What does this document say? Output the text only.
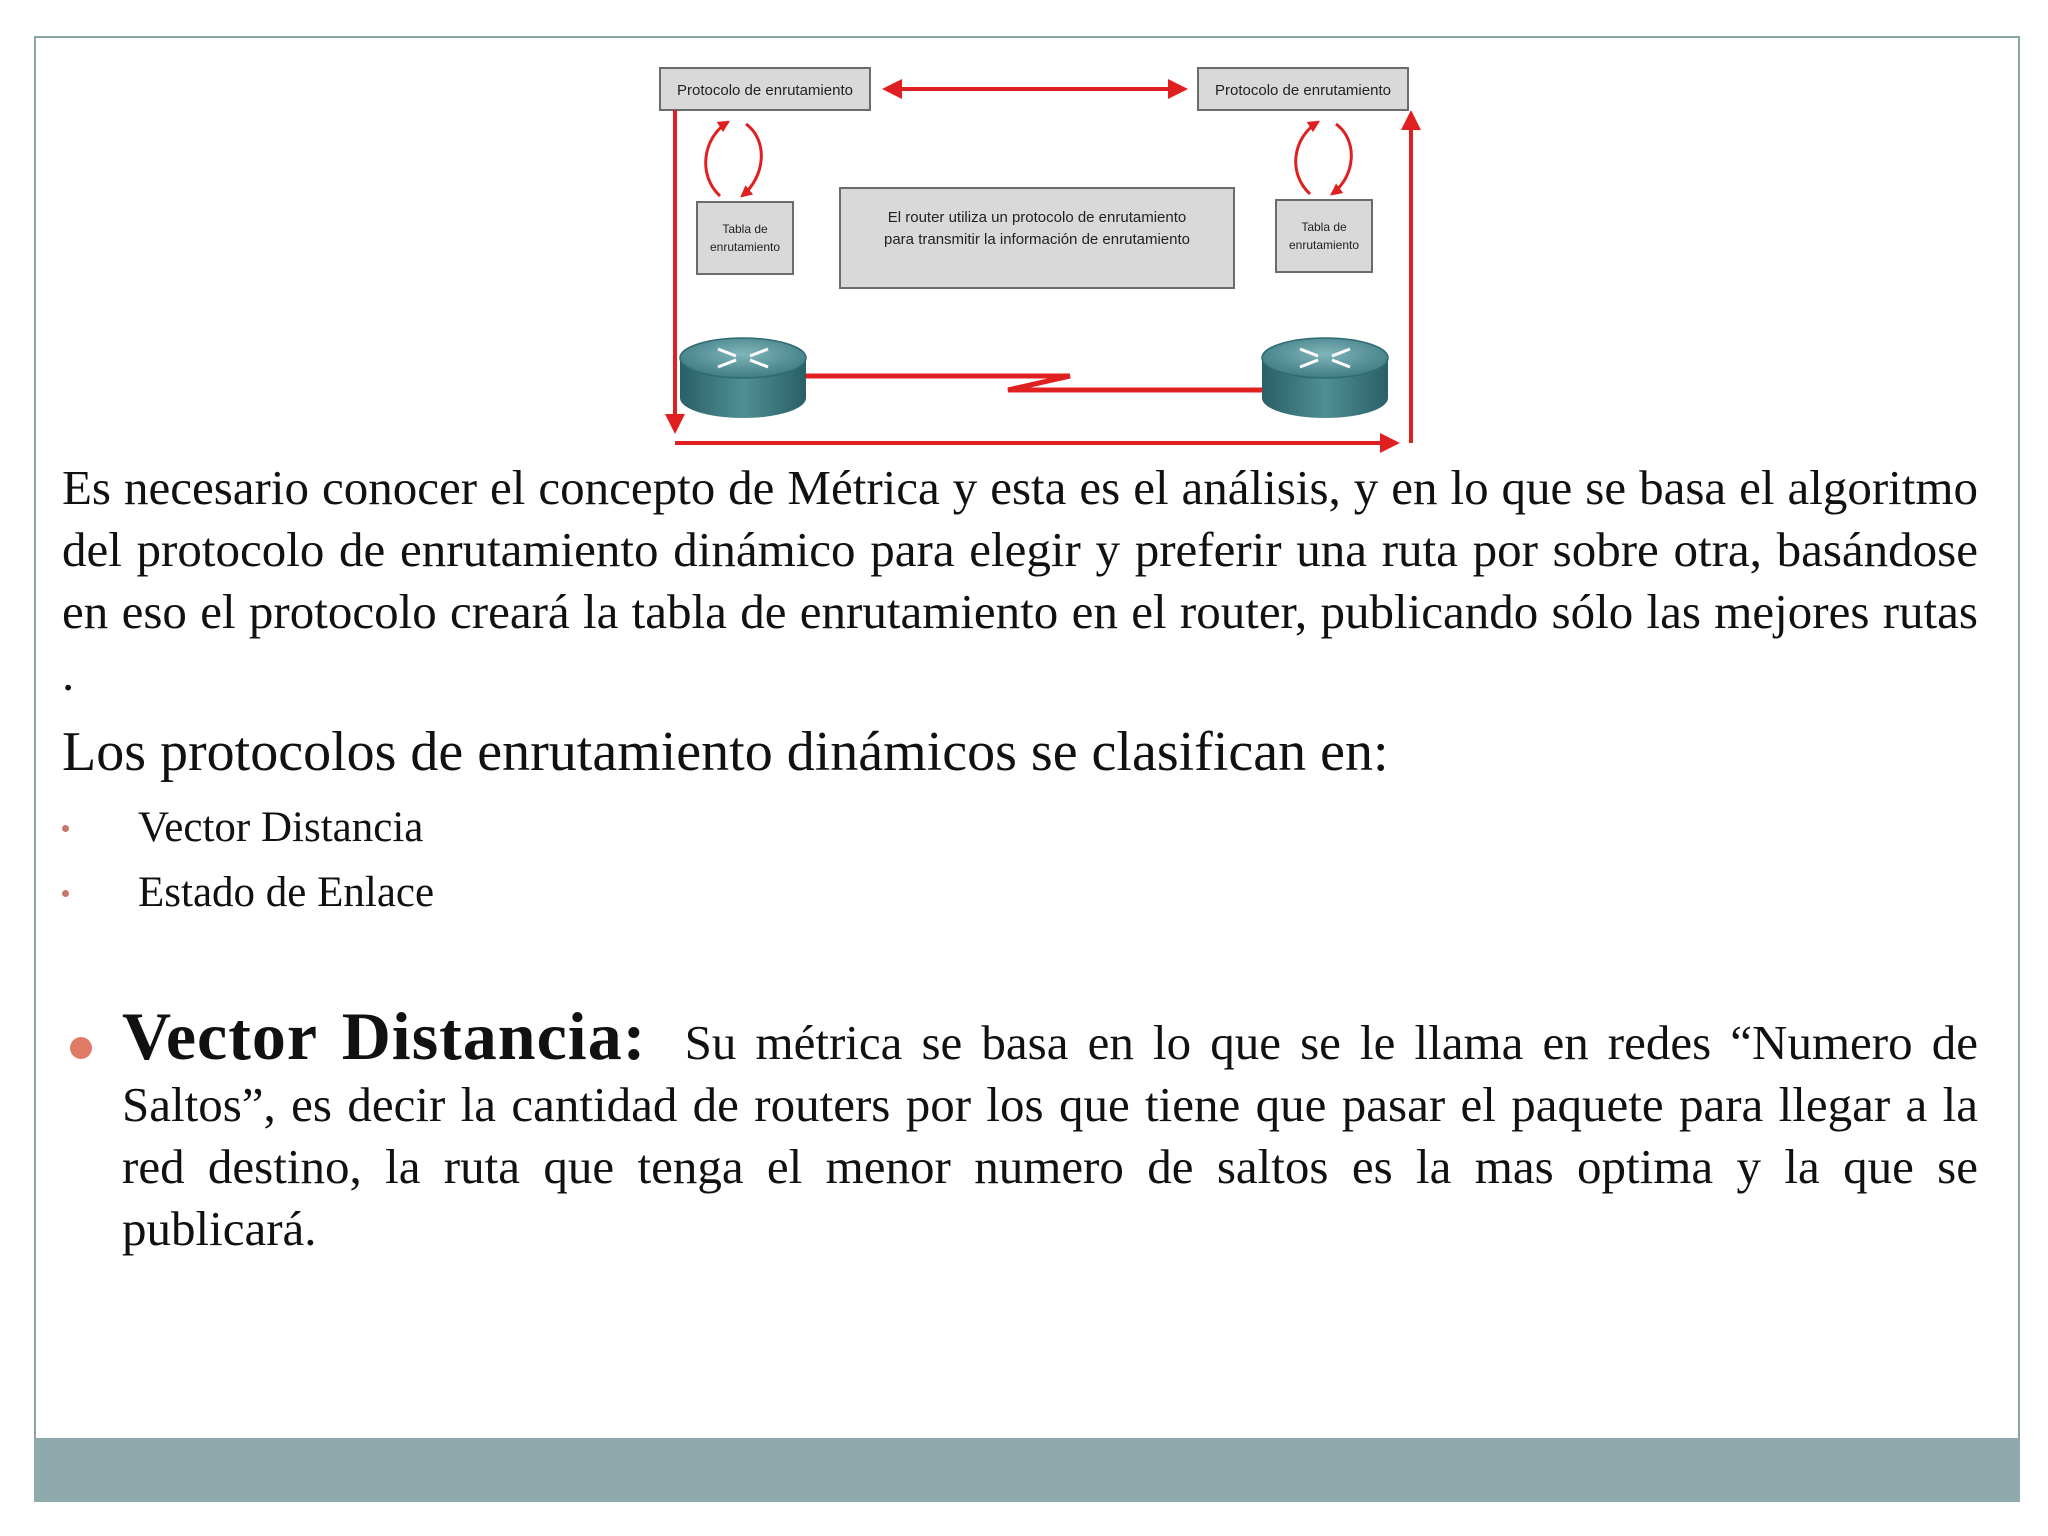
Protocolo de enrutamiento	Protocolo de enrutamiento
Tabla de
enrutamiento
Tabla de
enrutamiento
El router utiliza un protocolo de enrutamiento
para transmitir la información de enrutamiento

Es necesario conocer el concepto de Métrica y esta es el análisis, y en lo que se basa el algoritmo del protocolo de enrutamiento dinámico para elegir y preferir una ruta por sobre otra, basándose en eso el protocolo creará la tabla de enrutamiento en el router, publicando sólo las mejores rutas .

Los protocolos de enrutamiento dinámicos se clasifican en:
Vector Distancia
Estado de Enlace

Vector Distancia: Su métrica se basa en lo que se le llama en redes “Numero de Saltos”, es decir la cantidad de routers por los que tiene que pasar el paquete para llegar a la red destino, la ruta que tenga el menor numero de saltos es la mas optima y la que se publicará.
